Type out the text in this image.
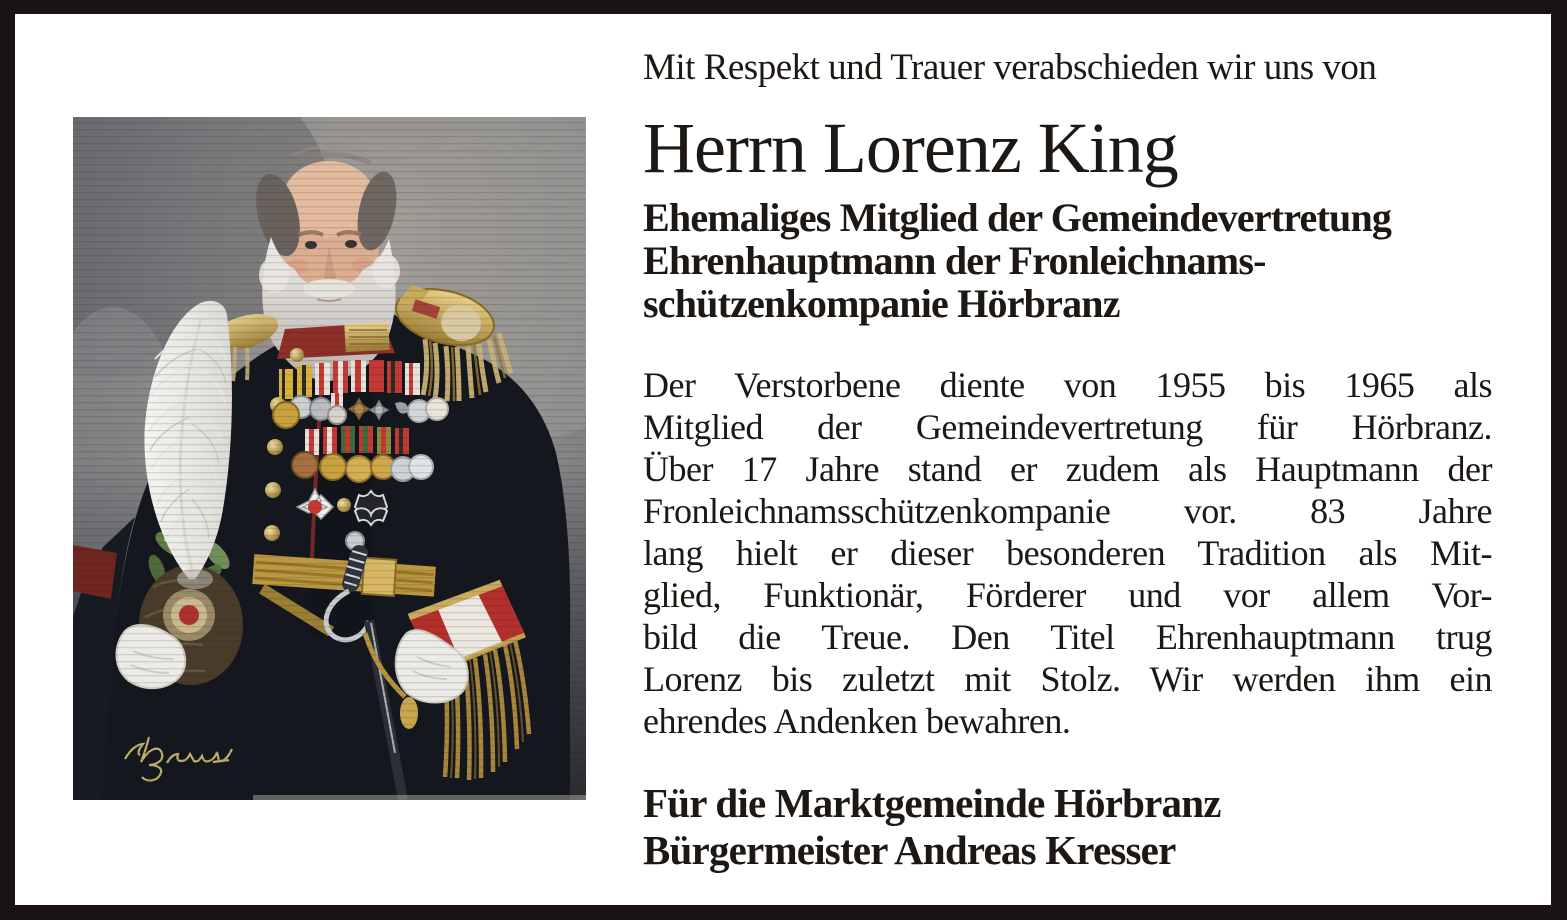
Mit Respekt und Trauer verabschieden wir uns von
Herrn Lorenz King
Ehemaliges Mitglied der Gemeindevertretung
Ehrenhauptmann der Fronleichnams-
schützenkompanie Hörbranz
Der Verstorbene diente von 1955 bis 1965 als
Mitglied der Gemeindevertretung für Hörbranz.
Über 17 Jahre stand er zudem als Hauptmann der
Fronleichnamsschützenkompanie vor. 83 Jahre
lang hielt er dieser besonderen Tradition als Mit-
glied, Funktionär, Förderer und vor allem Vor-
bild die Treue. Den Titel Ehrenhauptmann trug
Lorenz bis zuletzt mit Stolz. Wir werden ihm ein
ehrendes Andenken bewahren.
Für die Marktgemeinde Hörbranz
Bürgermeister Andreas Kresser
